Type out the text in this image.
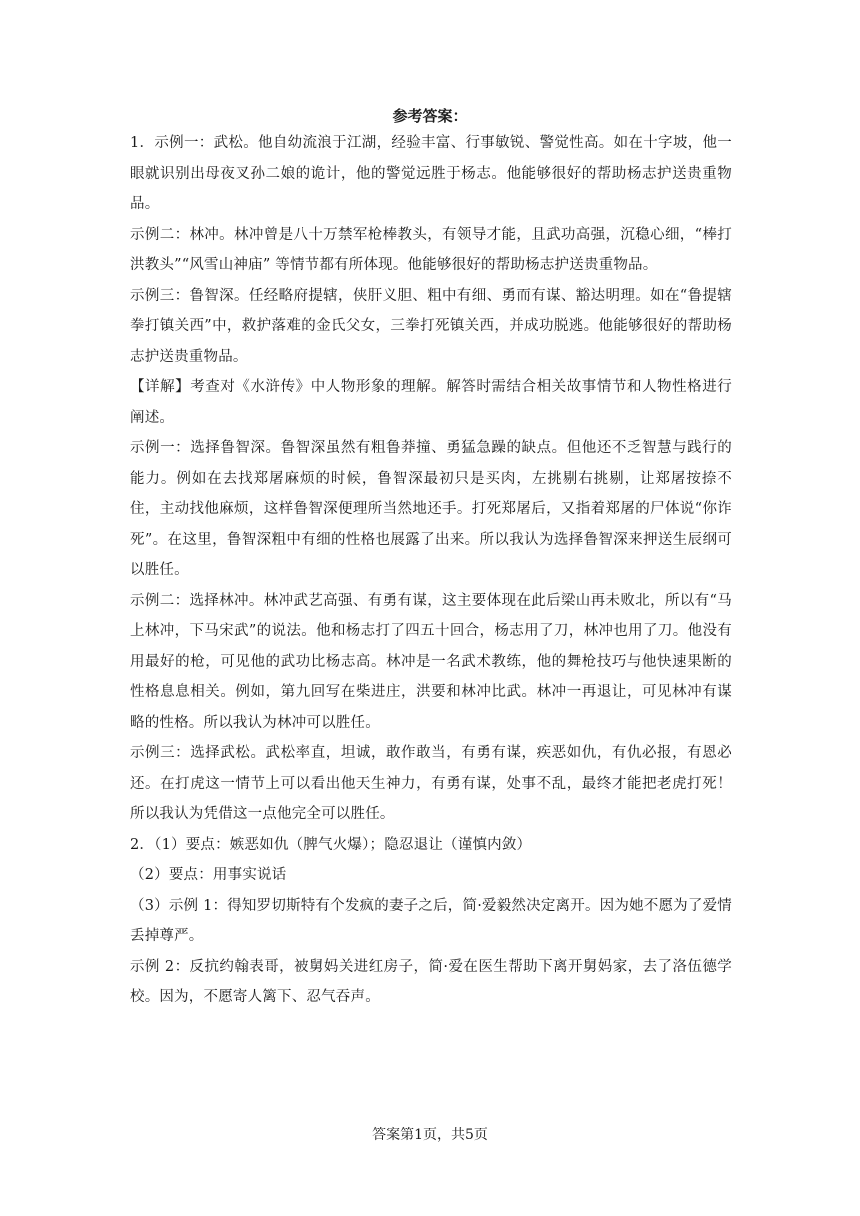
参考答案：

1．示例一：武松。他自幼流浪于江湖，经验丰富、行事敏锐、警觉性高。如在十字坡，他一眼就识别出母夜叉孙二娘的诡计，他的警觉远胜于杨志。他能够很好的帮助杨志护送贵重物品。

示例二：林冲。林冲曾是八十万禁军枪棒教头，有领导才能，且武功高强，沉稳心细，“棒打洪教头”“风雪山神庙” 等情节都有所体现。他能够很好的帮助杨志护送贵重物品。

示例三：鲁智深。任经略府提辖，侠肝义胆、粗中有细、勇而有谋、豁达明理。如在“鲁提辖拳打镇关西”中，救护落难的金氏父女，三拳打死镇关西，并成功脱逃。他能够很好的帮助杨志护送贵重物品。

【详解】考查对《水浒传》中人物形象的理解。解答时需结合相关故事情节和人物性格进行阐述。

示例一：选择鲁智深。鲁智深虽然有粗鲁莽撞、勇猛急躁的缺点。但他还不乏智慧与践行的能力。例如在去找郑屠麻烦的时候，鲁智深最初只是买肉，左挑剔右挑剔，让郑屠按捺不住，主动找他麻烦，这样鲁智深便理所当然地还手。打死郑屠后，又指着郑屠的尸体说“你诈死”。在这里，鲁智深粗中有细的性格也展露了出来。所以我认为选择鲁智深来押送生辰纲可以胜任。

示例二：选择林冲。林冲武艺高强、有勇有谋，这主要体现在此后梁山再未败北，所以有“马上林冲，下马宋武”的说法。他和杨志打了四五十回合，杨志用了刀，林冲也用了刀。他没有用最好的枪，可见他的武功比杨志高。林冲是一名武术教练，他的舞枪技巧与他快速果断的性格息息相关。例如，第九回写在柴进庄，洪要和林冲比武。林冲一再退让，可见林冲有谋略的性格。所以我认为林冲可以胜任。

示例三：选择武松。武松率直，坦诚，敢作敢当，有勇有谋，疾恶如仇，有仇必报，有恩必还。在打虎这一情节上可以看出他天生神力，有勇有谋，处事不乱，最终才能把老虎打死！所以我认为凭借这一点他完全可以胜任。

2．（1）要点：嫉恶如仇（脾气火爆）；隐忍退让（谨慎内敛）

（2）要点：用事实说话

（3）示例 1：得知罗切斯特有个发疯的妻子之后，简·爱毅然决定离开。因为她不愿为了爱情丢掉尊严。

示例 2：反抗约翰表哥，被舅妈关进红房子，简·爱在医生帮助下离开舅妈家，去了洛伍德学校。因为，不愿寄人篱下、忍气吞声。

答案第1页，共5页
